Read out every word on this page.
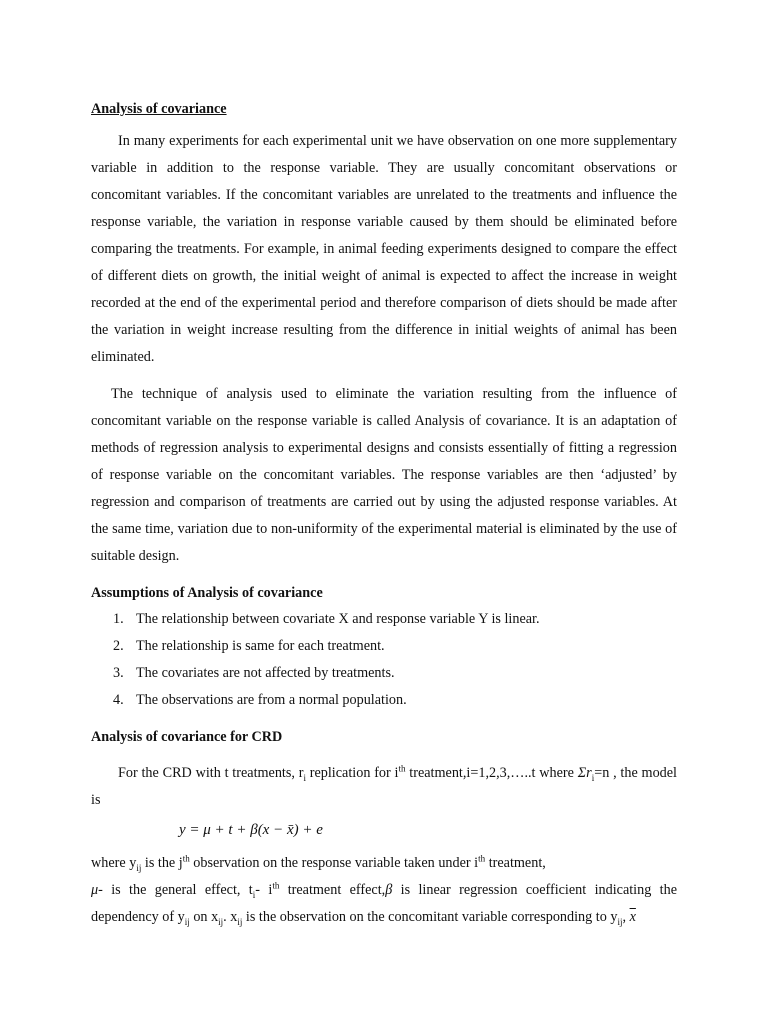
Analysis of covariance

In many experiments for each experimental unit we have observation on one more supplementary variable in addition to the response variable. They are usually concomitant observations or concomitant variables. If the concomitant variables are unrelated to the treatments and influence the response variable, the variation in response variable caused by them should be eliminated before comparing the treatments. For example, in animal feeding experiments designed to compare the effect of different diets on growth, the initial weight of animal is expected to affect the increase in weight recorded at the end of the experimental period and therefore comparison of diets should be made after the variation in weight increase resulting from the difference in initial weights of animal has been eliminated.

The technique of analysis used to eliminate the variation resulting from the influence of concomitant variable on the response variable is called Analysis of covariance. It is an adaptation of methods of regression analysis to experimental designs and consists essentially of fitting a regression of response variable on the concomitant variables. The response variables are then ‘adjusted’ by regression and comparison of treatments are carried out by using the adjusted response variables. At the same time, variation due to non-uniformity of the experimental material is eliminated by the use of suitable design.

Assumptions of Analysis of covariance

1. The relationship between covariate X and response variable Y is linear.
2. The relationship is same for each treatment.
3. The covariates are not affected by treatments.
4. The observations are from a normal population.

Analysis of covariance for CRD

For the CRD with t treatments, $r_i$ replication for $i^{th}$ treatment,i=1,2,3,…..t where $\Sigma r_i=n$ , the model is

y = μ + t + β(x − x̄) + e

where $y_{ij}$ is the $j^{th}$ observation on the response variable taken under $i^{th}$ treatment,

μ- is the general effect, $t_i-$ $i^{th}$ treatment effect,β is linear regression coefficient indicating the dependency of $y_{ij}$ on $x_{ij}$. $x_{ij}$ is the observation on the concomitant variable corresponding to $y_{ij}$, $\overline{x}$
